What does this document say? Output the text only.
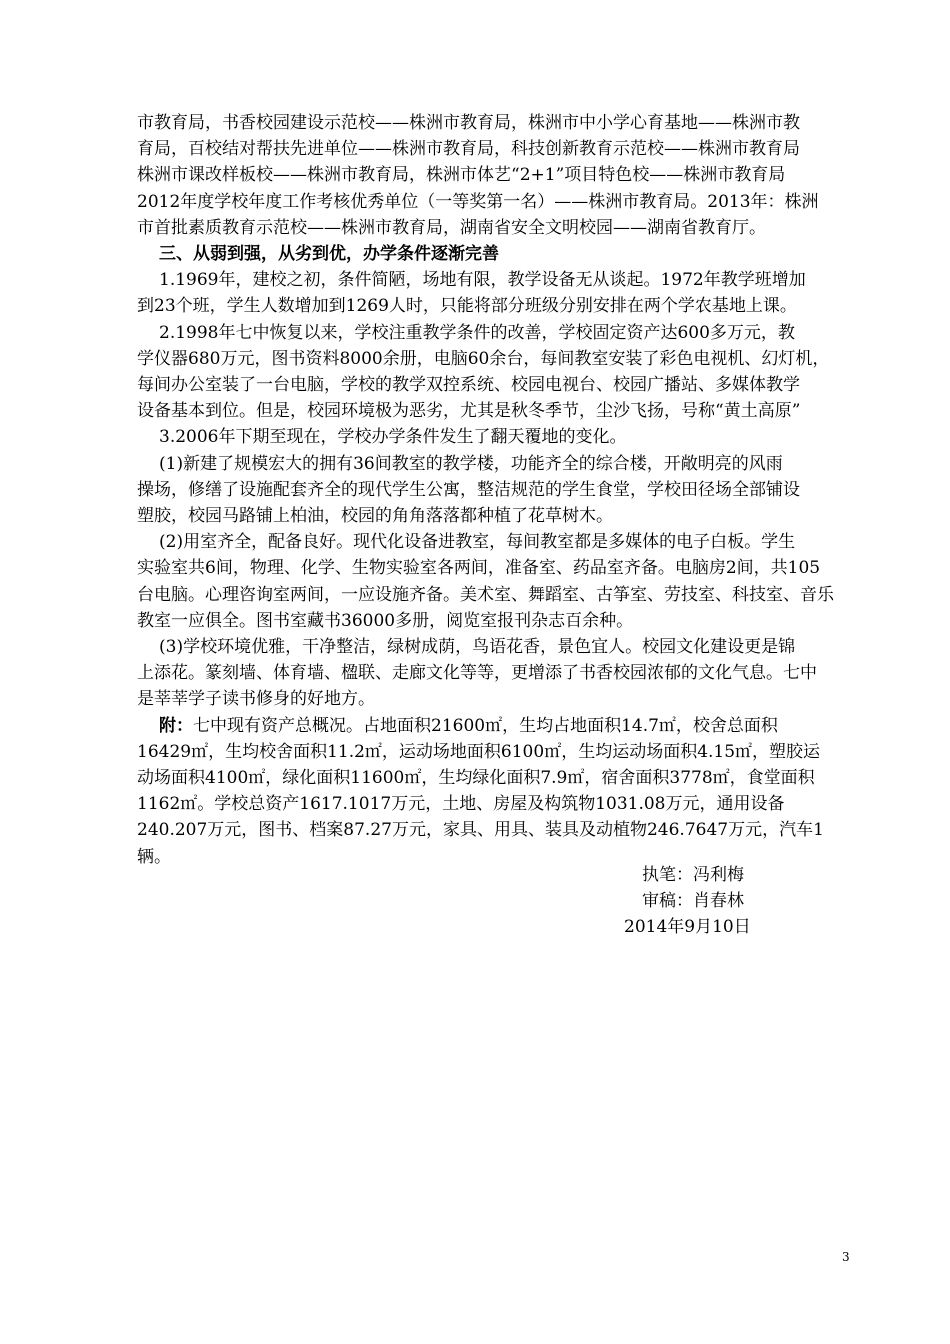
市教育局，书香校园建设示范校——株洲市教育局，株洲市中小学心育基地——株洲市教
育局，百校结对帮扶先进单位——株洲市教育局，科技创新教育示范校——株洲市教育局
株洲市课改样板校——株洲市教育局，株洲市体艺“2+1”项目特色校——株洲市教育局
2012年度学校年度工作考核优秀单位（一等奖第一名）——株洲市教育局。2013年：株洲
市首批素质教育示范校——株洲市教育局，湖南省安全文明校园——湖南省教育厅。
三、从弱到强，从劣到优，办学条件逐渐完善
1.1969年，建校之初，条件简陋，场地有限，教学设备无从谈起。1972年教学班增加
到23个班，学生人数增加到1269人时，只能将部分班级分别安排在两个学农基地上课。
2.1998年七中恢复以来，学校注重教学条件的改善，学校固定资产达600多万元，教
学仪器680万元，图书资料8000余册，电脑60余台，每间教室安装了彩色电视机、幻灯机，
每间办公室装了一台电脑，学校的教学双控系统、校园电视台、校园广播站、多媒体教学
设备基本到位。但是，校园环境极为恶劣，尤其是秋冬季节，尘沙飞扬，号称“黄土高原”
3.2006年下期至现在，学校办学条件发生了翻天覆地的变化。
(1)新建了规模宏大的拥有36间教室的教学楼，功能齐全的综合楼，开敞明亮的风雨
操场，修缮了设施配套齐全的现代学生公寓，整洁规范的学生食堂，学校田径场全部铺设
塑胶，校园马路铺上柏油，校园的角角落落都种植了花草树木。
(2)用室齐全，配备良好。现代化设备进教室，每间教室都是多媒体的电子白板。学生
实验室共6间，物理、化学、生物实验室各两间，准备室、药品室齐备。电脑房2间，共105
台电脑。心理咨询室两间，一应设施齐备。美术室、舞蹈室、古筝室、劳技室、科技室、音乐
教室一应俱全。图书室藏书36000多册，阅览室报刊杂志百余种。
(3)学校环境优雅，干净整洁，绿树成荫，鸟语花香，景色宜人。校园文化建设更是锦
上添花。篆刻墙、体育墙、楹联、走廊文化等等，更增添了书香校园浓郁的文化气息。七中
是莘莘学子读书修身的好地方。
附：七中现有资产总概况。占地面积21600㎡，生均占地面积14.7㎡，校舍总面积
16429㎡，生均校舍面积11.2㎡，运动场地面积6100㎡，生均运动场面积4.15㎡，塑胶运
动场面积4100㎡，绿化面积11600㎡，生均绿化面积7.9㎡，宿舍面积3778㎡，食堂面积
1162㎡。学校总资产1617.1017万元，土地、房屋及构筑物1031.08万元，通用设备
240.207万元，图书、档案87.27万元，家具、用具、装具及动植物246.7647万元，汽车1
辆。
执笔：冯利梅
审稿：肖春林
2014年9月10日
3
